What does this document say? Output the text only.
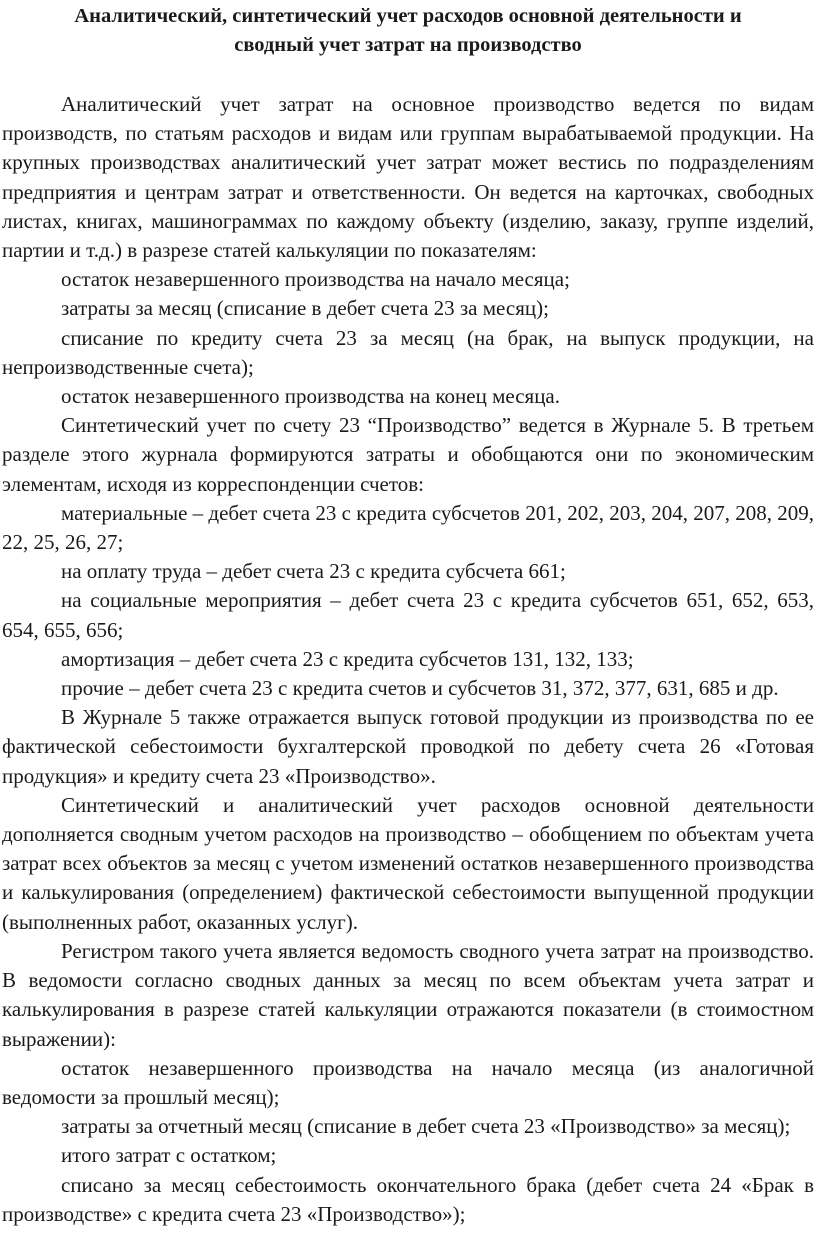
Аналитический, синтетический учет расходов основной деятельности и
сводный учет затрат на производство

Аналитический учет затрат на основное производство ведется по видам производств, по статьям расходов и видам или группам вырабатываемой продукции. На крупных производствах аналитический учет затрат может вестись по подразделениям предприятия и центрам затрат и ответственности. Он ведется на карточках, свободных листах, книгах, машинограммах по каждому объекту (изделию, заказу, группе изделий, партии и т.д.) в разрезе статей калькуляции по показателям:

остаток незавершенного производства на начало месяца;

затраты за месяц (списание в дебет счета 23 за месяц);

списание по кредиту счета 23 за месяц (на брак, на выпуск продукции, на непроизводственные счета);

остаток незавершенного производства на конец месяца.

Синтетический учет по счету 23 “Производство” ведется в Журнале 5. В третьем разделе этого журнала формируются затраты и обобщаются они по экономическим элементам, исходя из корреспонденции счетов:

материальные – дебет счета 23 с кредита субсчетов 201, 202, 203, 204, 207, 208, 209, 22, 25, 26, 27;

на оплату труда – дебет счета 23 с кредита субсчета 661;

на социальные мероприятия – дебет счета 23 с кредита субсчетов 651, 652, 653, 654, 655, 656;

амортизация – дебет счета 23 с кредита субсчетов 131, 132, 133;

прочие – дебет счета 23 с кредита счетов и субсчетов 31, 372, 377, 631, 685 и др.

В Журнале 5 также отражается выпуск готовой продукции из производства по ее фактической себестоимости бухгалтерской проводкой по дебету счета 26 «Готовая продукция» и кредиту счета 23 «Производство».

Синтетический и аналитический учет расходов основной деятельности дополняется сводным учетом расходов на производство – обобщением по объектам учета затрат всех объектов за месяц с учетом изменений остатков незавершенного производства и калькулирования (определением) фактической себестоимости выпущенной продукции (выполненных работ, оказанных услуг).

Регистром такого учета является ведомость сводного учета затрат на производство. В ведомости согласно сводных данных за месяц по всем объектам учета затрат и калькулирования в разрезе статей калькуляции отражаются показатели (в стоимостном выражении):

остаток незавершенного производства на начало месяца (из аналогичной ведомости за прошлый месяц);

затраты за отчетный месяц (списание в дебет счета 23 «Производство» за месяц);

итого затрат с остатком;

списано за месяц себестоимость окончательного брака (дебет счета 24 «Брак в производстве» с кредита счета 23 «Производство»);
